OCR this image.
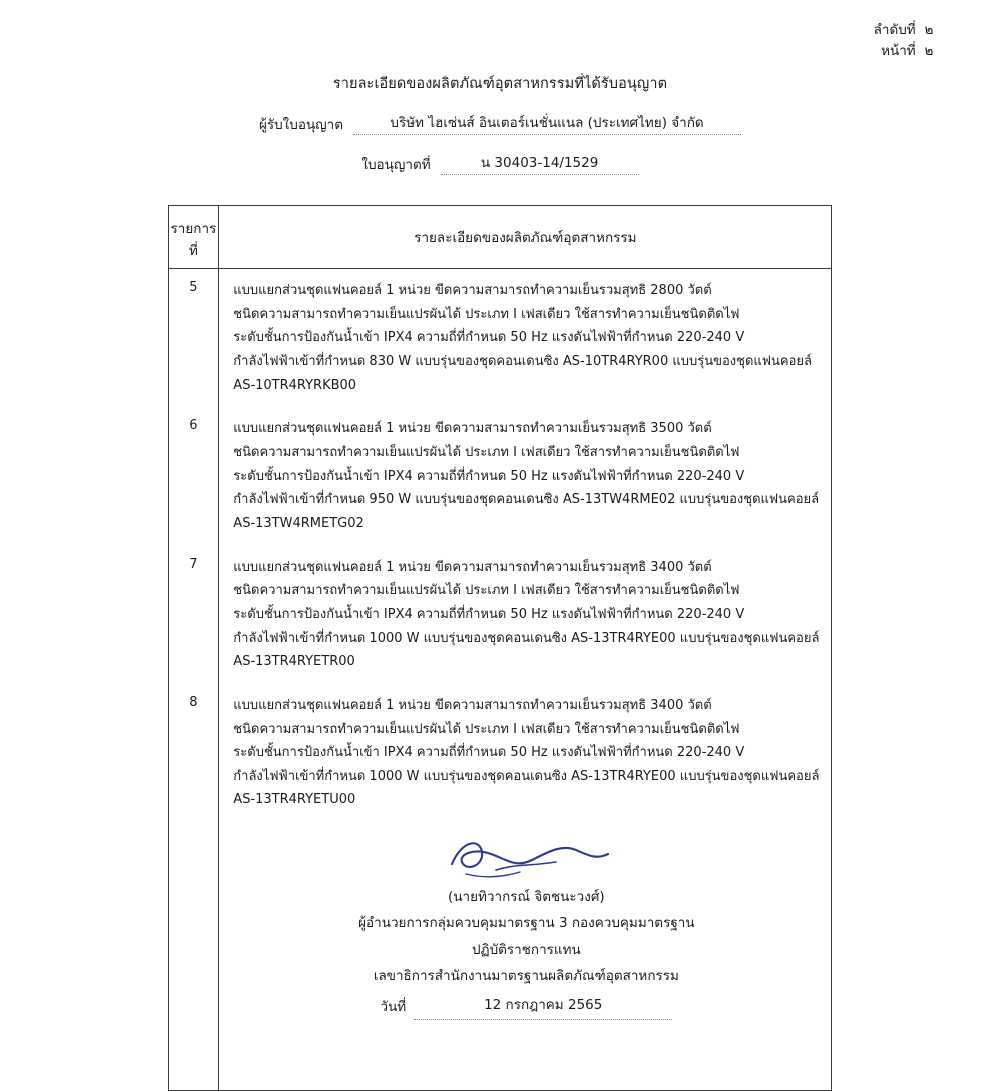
ลำดับที่ ๒
หน้าที่ ๒
รายละเอียดของผลิตภัณฑ์อุตสาหกรรมที่ได้รับอนุญาต
ผู้รับใบอนุญาต	บริษัท ไฮเซ่นส์ อินเตอร์เนชั่นแนล (ประเทศไทย) จำกัด
ใบอนุญาตที่	น 30403-14/1529
รายการที่	รายละเอียดของผลิตภัณฑ์อุตสาหกรรม
5	แบบแยกส่วนชุดแฟนคอยล์ 1 หน่วย ขีดความสามารถทำความเย็นรวมสุทธิ 2800 วัตต์
ชนิดความสามารถทำความเย็นแปรผันได้ ประเภท I เฟสเดียว ใช้สารทำความเย็นชนิดติดไฟ
ระดับชั้นการป้องกันน้ำเข้า IPX4 ความถี่ที่กำหนด 50 Hz แรงดันไฟฟ้าที่กำหนด 220-240 V
กำลังไฟฟ้าเข้าที่กำหนด 830 W แบบรุ่นของชุดคอนเดนซิง AS-10TR4RYR00 แบบรุ่นของชุดแฟนคอยล์
AS-10TR4RYRKB00

6	แบบแยกส่วนชุดแฟนคอยล์ 1 หน่วย ขีดความสามารถทำความเย็นรวมสุทธิ 3500 วัตต์
ชนิดความสามารถทำความเย็นแปรผันได้ ประเภท I เฟสเดียว ใช้สารทำความเย็นชนิดติดไฟ
ระดับชั้นการป้องกันน้ำเข้า IPX4 ความถี่ที่กำหนด 50 Hz แรงดันไฟฟ้าที่กำหนด 220-240 V
กำลังไฟฟ้าเข้าที่กำหนด 950 W แบบรุ่นของชุดคอนเดนซิง AS-13TW4RME02 แบบรุ่นของชุดแฟนคอยล์
AS-13TW4RMETG02

7	แบบแยกส่วนชุดแฟนคอยล์ 1 หน่วย ขีดความสามารถทำความเย็นรวมสุทธิ 3400 วัตต์
ชนิดความสามารถทำความเย็นแปรผันได้ ประเภท I เฟสเดียว ใช้สารทำความเย็นชนิดติดไฟ
ระดับชั้นการป้องกันน้ำเข้า IPX4 ความถี่ที่กำหนด 50 Hz แรงดันไฟฟ้าที่กำหนด 220-240 V
กำลังไฟฟ้าเข้าที่กำหนด 1000 W แบบรุ่นของชุดคอนเดนซิง AS-13TR4RYE00 แบบรุ่นของชุดแฟนคอยล์
AS-13TR4RYETR00

8	แบบแยกส่วนชุดแฟนคอยล์ 1 หน่วย ขีดความสามารถทำความเย็นรวมสุทธิ 3400 วัตต์
ชนิดความสามารถทำความเย็นแปรผันได้ ประเภท I เฟสเดียว ใช้สารทำความเย็นชนิดติดไฟ
ระดับชั้นการป้องกันน้ำเข้า IPX4 ความถี่ที่กำหนด 50 Hz แรงดันไฟฟ้าที่กำหนด 220-240 V
กำลังไฟฟ้าเข้าที่กำหนด 1000 W แบบรุ่นของชุดคอนเดนซิง AS-13TR4RYE00 แบบรุ่นของชุดแฟนคอยล์
AS-13TR4RYETU00

(นายทิวากรณ์ จิตชนะวงศ์)
ผู้อำนวยการกลุ่มควบคุมมาตรฐาน 3 กองควบคุมมาตรฐาน
ปฏิบัติราชการแทน
เลขาธิการสำนักงานมาตรฐานผลิตภัณฑ์อุตสาหกรรม
วันที่	12 กรกฎาคม 2565
